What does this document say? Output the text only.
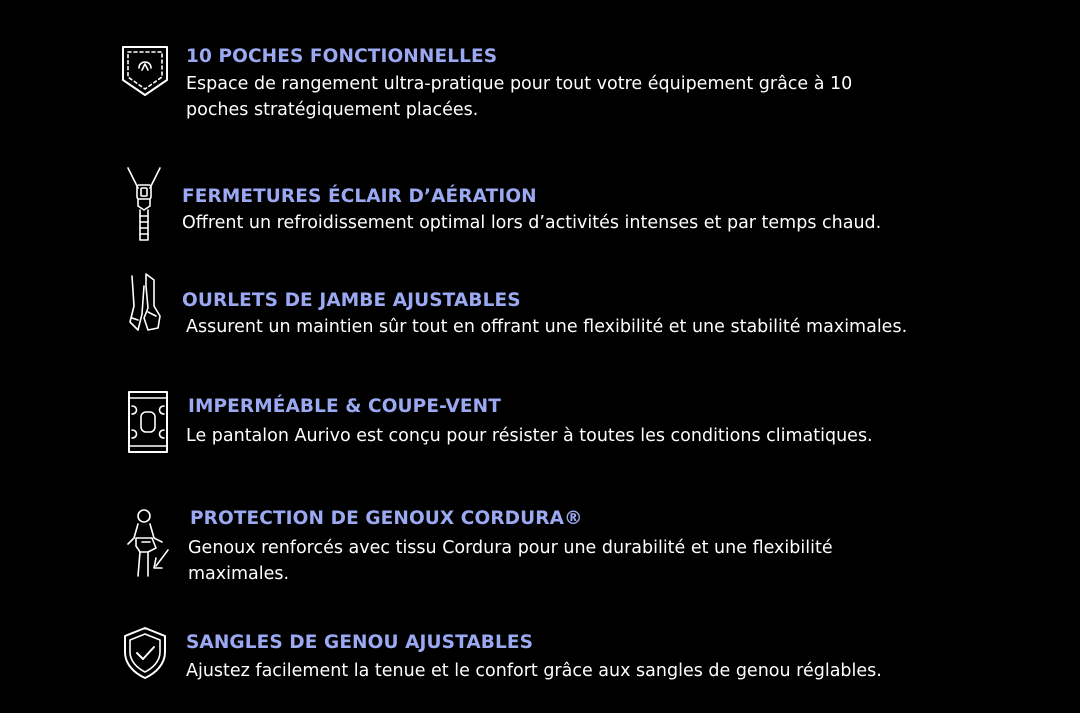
10 POCHES FONCTIONNELLES
Espace de rangement ultra-pratique pour tout votre équipement grâce à 10
poches stratégiquement placées.
FERMETURES ÉCLAIR D’AÉRATION
Offrent un refroidissement optimal lors d’activités intenses et par temps chaud.
OURLETS DE JAMBE AJUSTABLES
Assurent un maintien sûr tout en offrant une flexibilité et une stabilité maximales.
IMPERMÉABLE & COUPE-VENT
Le pantalon Aurivo est conçu pour résister à toutes les conditions climatiques.
PROTECTION DE GENOUX CORDURA®
Genoux renforcés avec tissu Cordura pour une durabilité et une flexibilité
maximales.
SANGLES DE GENOU AJUSTABLES
Ajustez facilement la tenue et le confort grâce aux sangles de genou réglables.
